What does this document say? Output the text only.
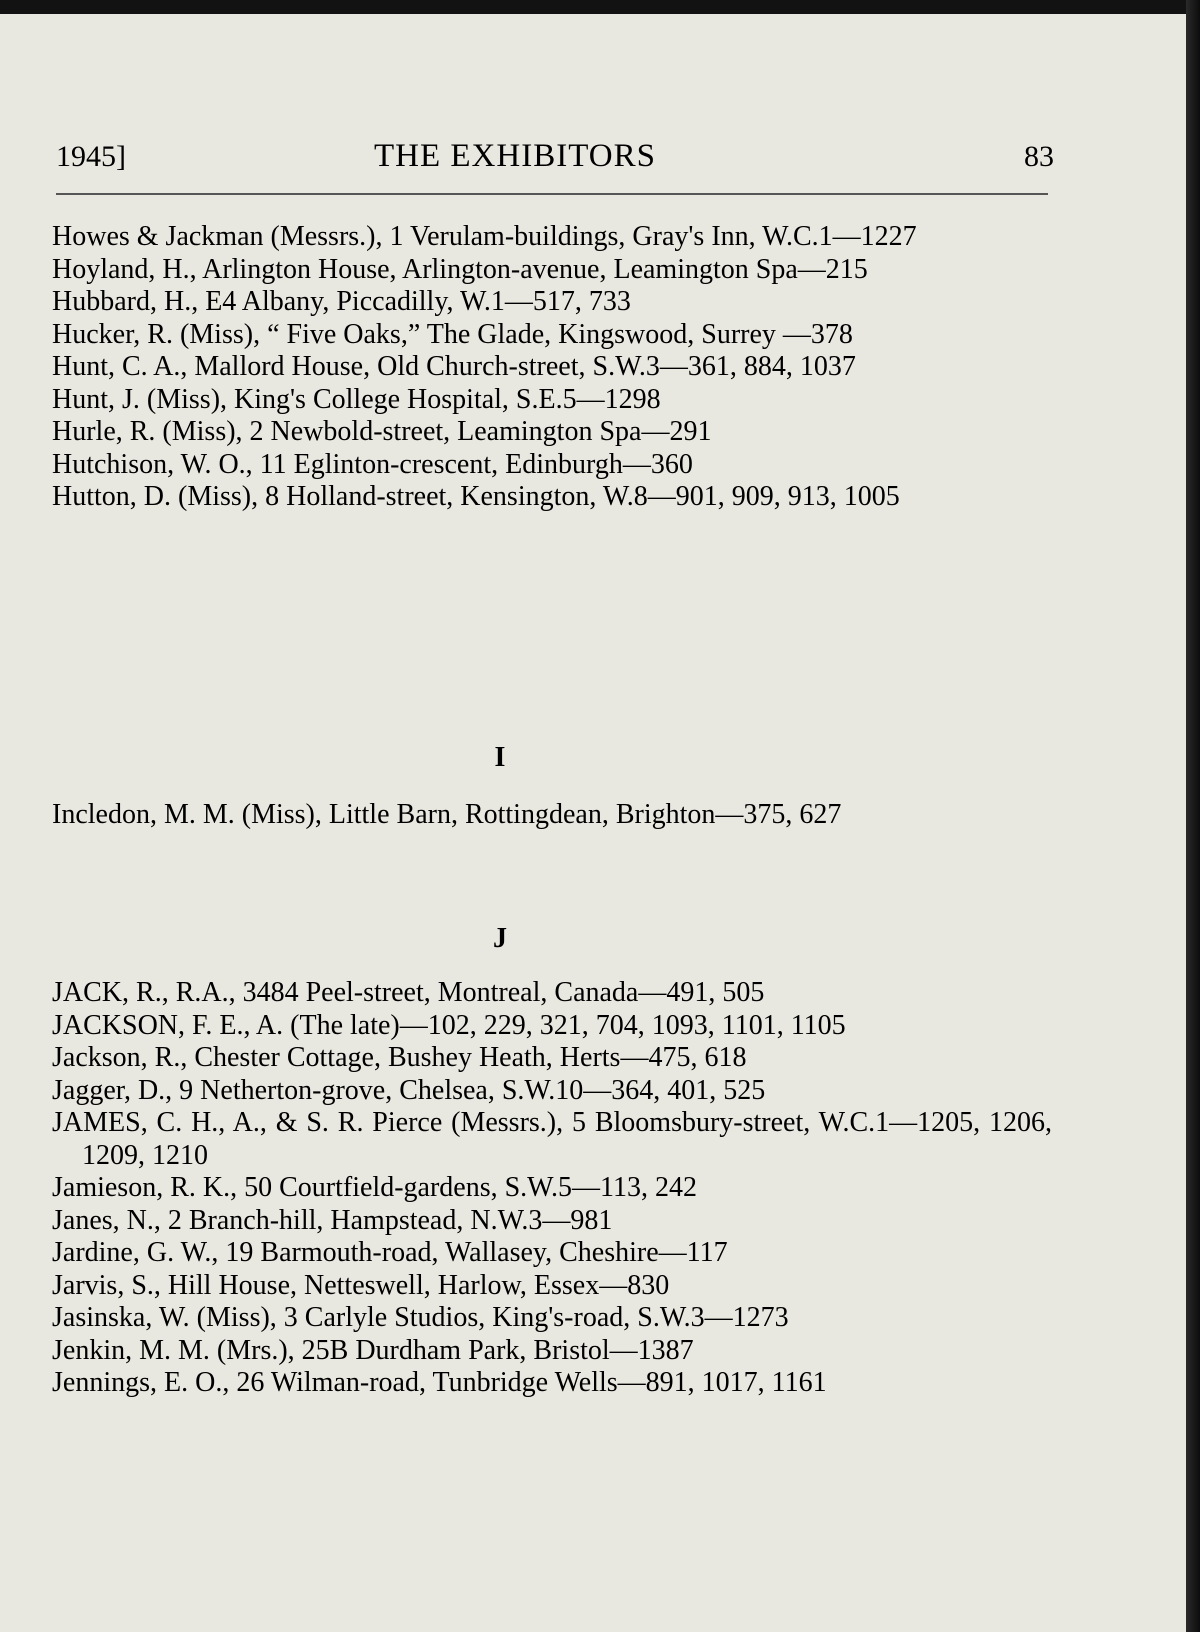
1945]	THE EXHIBITORS	83
Howes & Jackman (Messrs.), 1 Verulam-buildings, Gray's Inn, W.C.1—1227
Hoyland, H., Arlington House, Arlington-avenue, Leamington Spa—215
Hubbard, H., E4 Albany, Piccadilly, W.1—517, 733
Hucker, R. (Miss), “ Five Oaks,” The Glade, Kingswood, Surrey —378
Hunt, C. A., Mallord House, Old Church-street, S.W.3—361, 884, 1037
Hunt, J. (Miss), King's College Hospital, S.E.5—1298
Hurle, R. (Miss), 2 Newbold-street, Leamington Spa—291
Hutchison, W. O., 11 Eglinton-crescent, Edinburgh—360
Hutton, D. (Miss), 8 Holland-street, Kensington, W.8—901, 909, 913, 1005
I
Incledon, M. M. (Miss), Little Barn, Rottingdean, Brighton—375, 627
J
JACK, R., R.A., 3484 Peel-street, Montreal, Canada—491, 505
JACKSON, F. E., A. (The late)—102, 229, 321, 704, 1093, 1101, 1105
Jackson, R., Chester Cottage, Bushey Heath, Herts—475, 618
Jagger, D., 9 Netherton-grove, Chelsea, S.W.10—364, 401, 525
JAMES, C. H., A., & S. R. Pierce (Messrs.), 5 Bloomsbury-street, W.C.1—1205, 1206, 1209, 1210
Jamieson, R. K., 50 Courtfield-gardens, S.W.5—113, 242
Janes, N., 2 Branch-hill, Hampstead, N.W.3—981
Jardine, G. W., 19 Barmouth-road, Wallasey, Cheshire—117
Jarvis, S., Hill House, Netteswell, Harlow, Essex—830
Jasinska, W. (Miss), 3 Carlyle Studios, King's-road, S.W.3—1273
Jenkin, M. M. (Mrs.), 25B Durdham Park, Bristol—1387
Jennings, E. O., 26 Wilman-road, Tunbridge Wells—891, 1017, 1161
